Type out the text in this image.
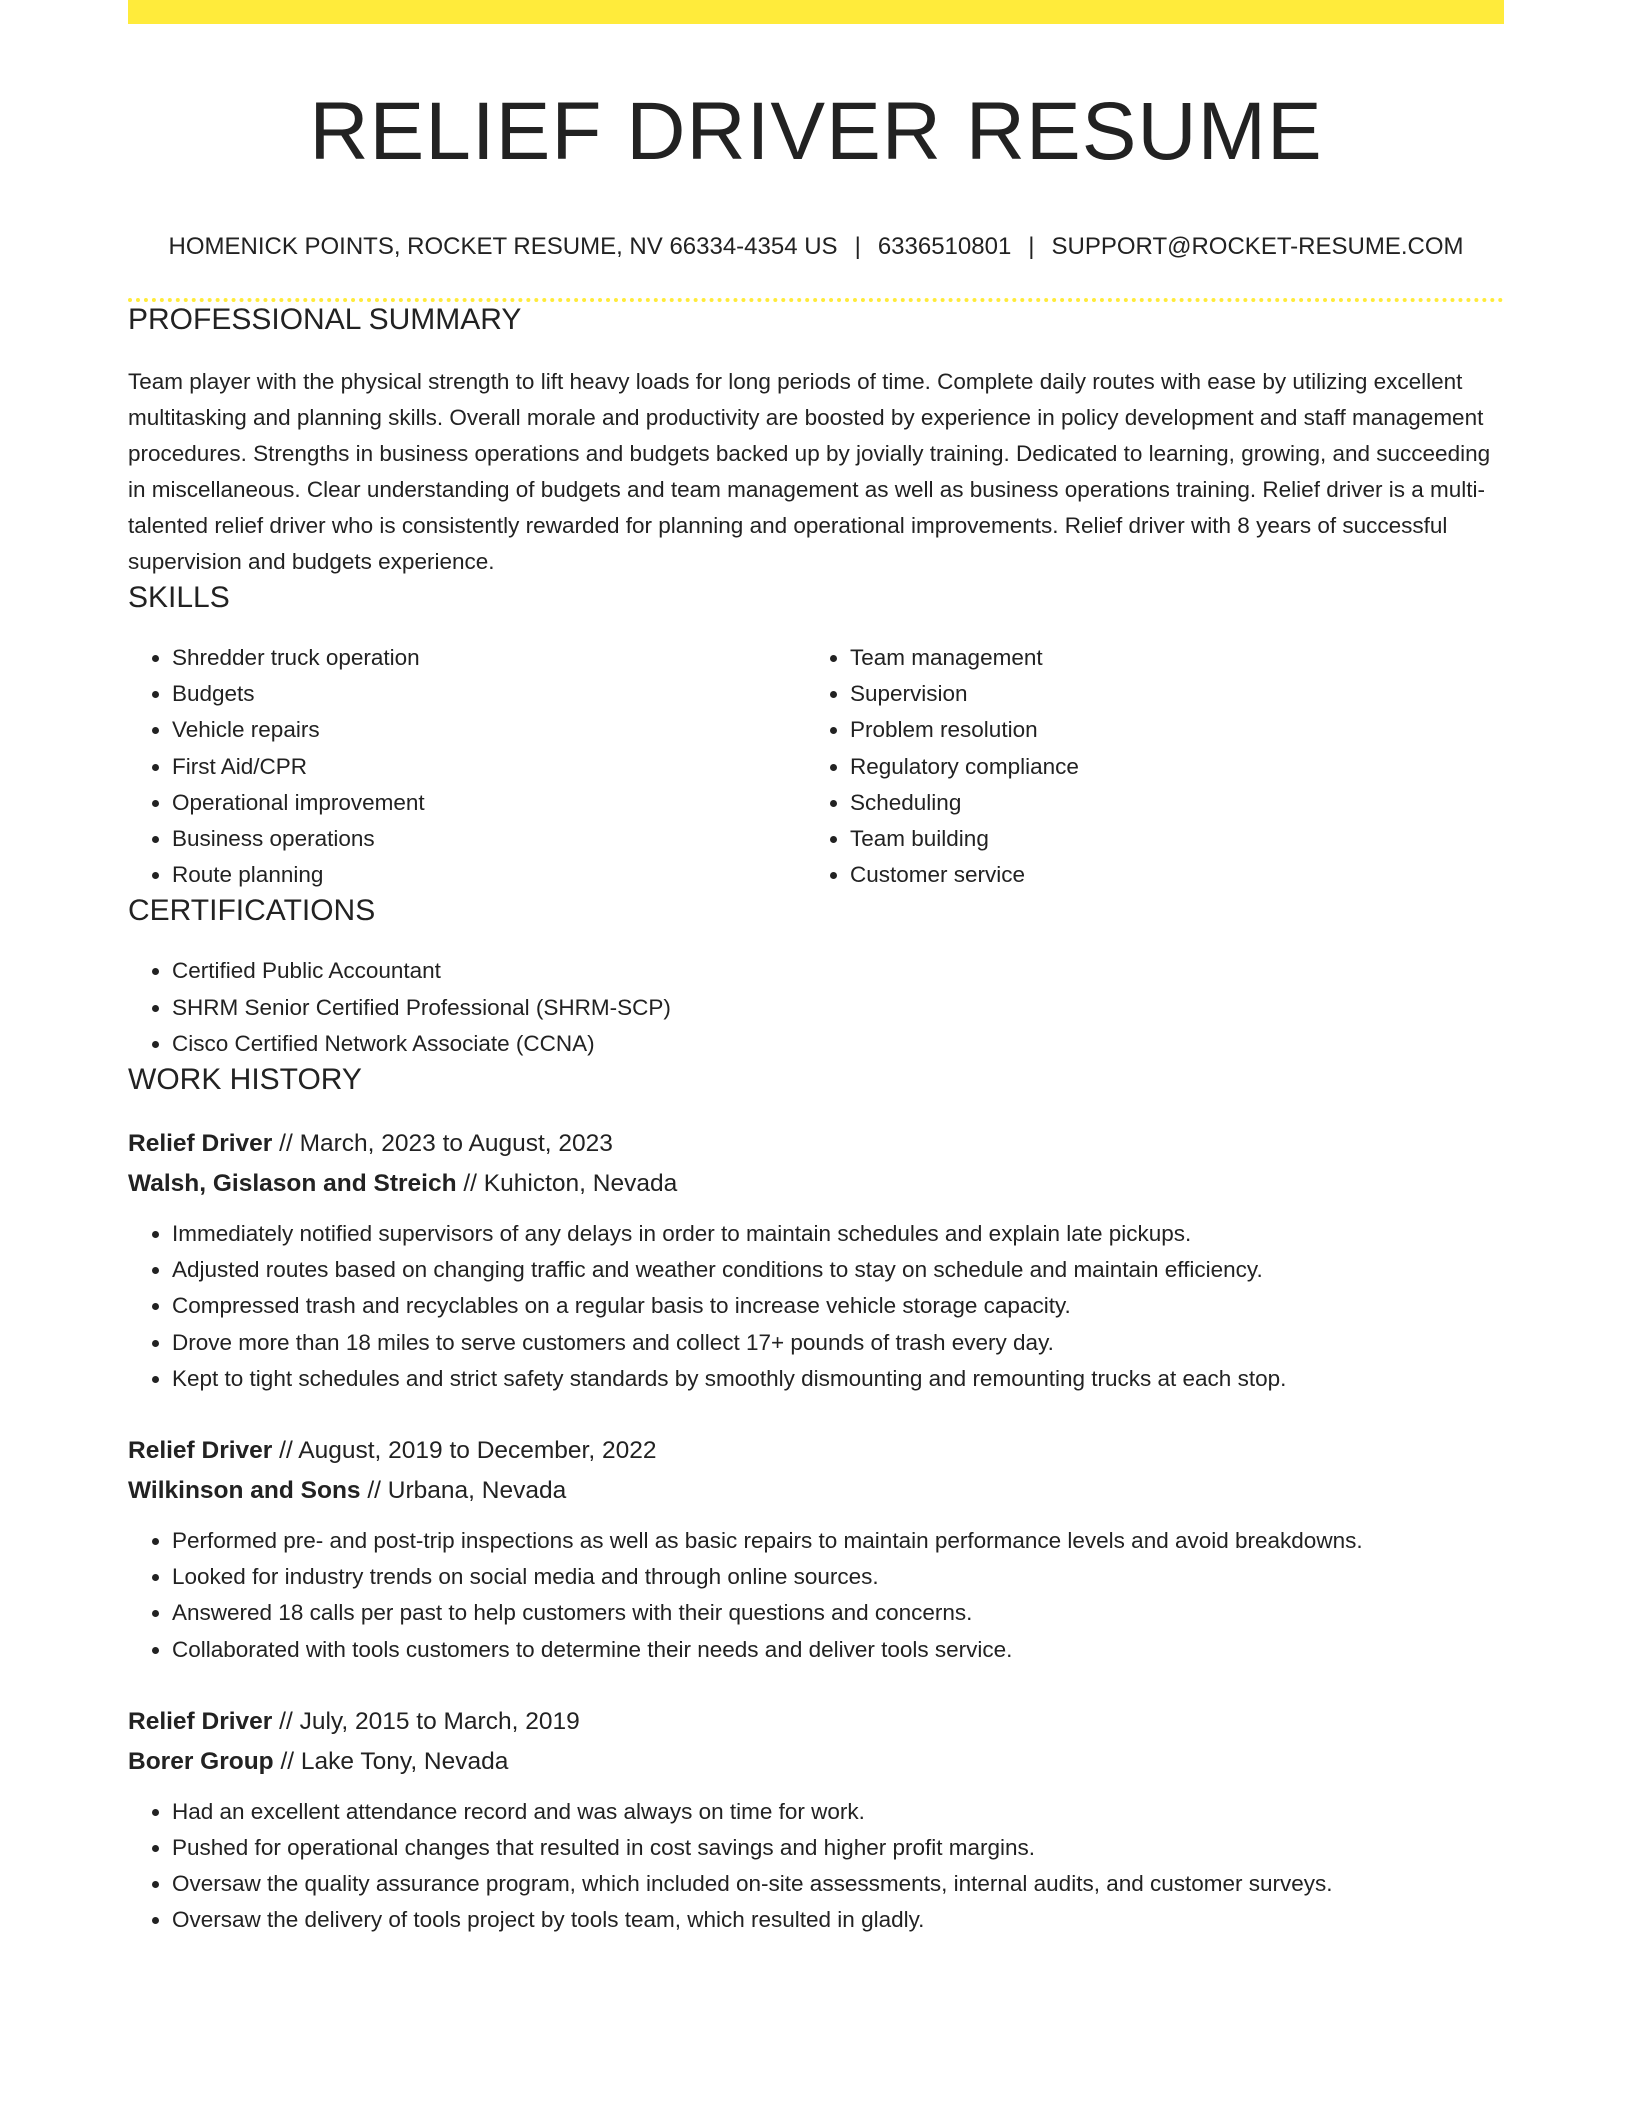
RELIEF DRIVER RESUME
HOMENICK POINTS, ROCKET RESUME, NV 66334-4354 US | 6336510801 | SUPPORT@ROCKET-RESUME.COM
PROFESSIONAL SUMMARY

Team player with the physical strength to lift heavy loads for long periods of time. Complete daily routes with ease by utilizing excellent multitasking and planning skills. Overall morale and productivity are boosted by experience in policy development and staff management procedures. Strengths in business operations and budgets backed up by jovially training. Dedicated to learning, growing, and succeeding in miscellaneous. Clear understanding of budgets and team management as well as business operations training. Relief driver is a multi-talented relief driver who is consistently rewarded for planning and operational improvements. Relief driver with 8 years of successful supervision and budgets experience.

SKILLS
• Shredder truck operation
• Budgets
• Vehicle repairs
• First Aid/CPR
• Operational improvement
• Business operations
• Route planning
• Team management
• Supervision
• Problem resolution
• Regulatory compliance
• Scheduling
• Team building
• Customer service
CERTIFICATIONS
• Certified Public Accountant
• SHRM Senior Certified Professional (SHRM-SCP)
• Cisco Certified Network Associate (CCNA)
WORK HISTORY
Relief Driver // March, 2023 to August, 2023
Walsh, Gislason and Streich // Kuhicton, Nevada
• Immediately notified supervisors of any delays in order to maintain schedules and explain late pickups.
• Adjusted routes based on changing traffic and weather conditions to stay on schedule and maintain efficiency.
• Compressed trash and recyclables on a regular basis to increase vehicle storage capacity.
• Drove more than 18 miles to serve customers and collect 17+ pounds of trash every day.
• Kept to tight schedules and strict safety standards by smoothly dismounting and remounting trucks at each stop.
Relief Driver // August, 2019 to December, 2022
Wilkinson and Sons // Urbana, Nevada
• Performed pre- and post-trip inspections as well as basic repairs to maintain performance levels and avoid breakdowns.
• Looked for industry trends on social media and through online sources.
• Answered 18 calls per past to help customers with their questions and concerns.
• Collaborated with tools customers to determine their needs and deliver tools service.
Relief Driver // July, 2015 to March, 2019
Borer Group // Lake Tony, Nevada
• Had an excellent attendance record and was always on time for work.
• Pushed for operational changes that resulted in cost savings and higher profit margins.
• Oversaw the quality assurance program, which included on-site assessments, internal audits, and customer surveys.
• Oversaw the delivery of tools project by tools team, which resulted in gladly.
